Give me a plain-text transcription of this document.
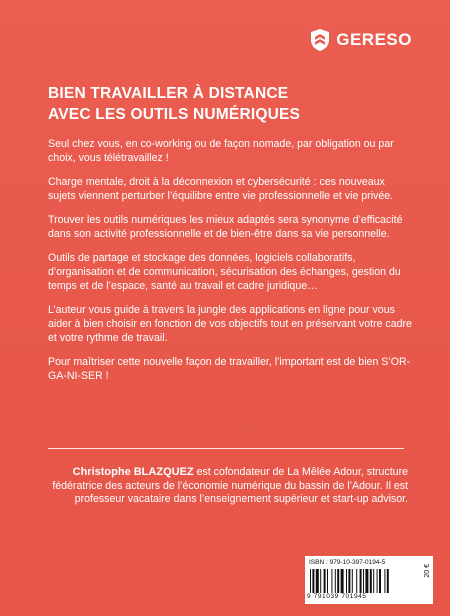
GERESO
BIEN TRAVAILLER À DISTANCE
AVEC LES OUTILS NUMÉRIQUES

Seul chez vous, en co-working ou de façon nomade, par obligation ou par choix, vous télétravaillez !

Charge mentale, droit à la déconnexion et cybersécurité : ces nouveaux sujets viennent perturber l’équilibre entre vie professionnelle et vie privée.

Trouver les outils numériques les mieux adaptés sera synonyme d’efficacité dans son activité professionnelle et de bien-être dans sa vie personnelle.

Outils de partage et stockage des données, logiciels collaboratifs, d’organisation et de communication, sécurisation des échanges, gestion du temps et de l’espace, santé au travail et cadre juridique…

L’auteur vous guide à travers la jungle des applications en ligne pour vous aider à bien choisir en fonction de vos objectifs tout en préservant votre cadre et votre rythme de travail.

Pour maîtriser cette nouvelle façon de travailler, l’important est de bien S’OR-GA-NI-SER !

Christophe BLAZQUEZ est cofondateur de La Mêlée Adour, structure fédératrice des acteurs de l’économie numérique du bassin de l’Adour. Il est professeur vacataire dans l’enseignement supérieur et start-up advisor.
ISBN : 979-10-397-0194-5
9 791039 701945
20 €
